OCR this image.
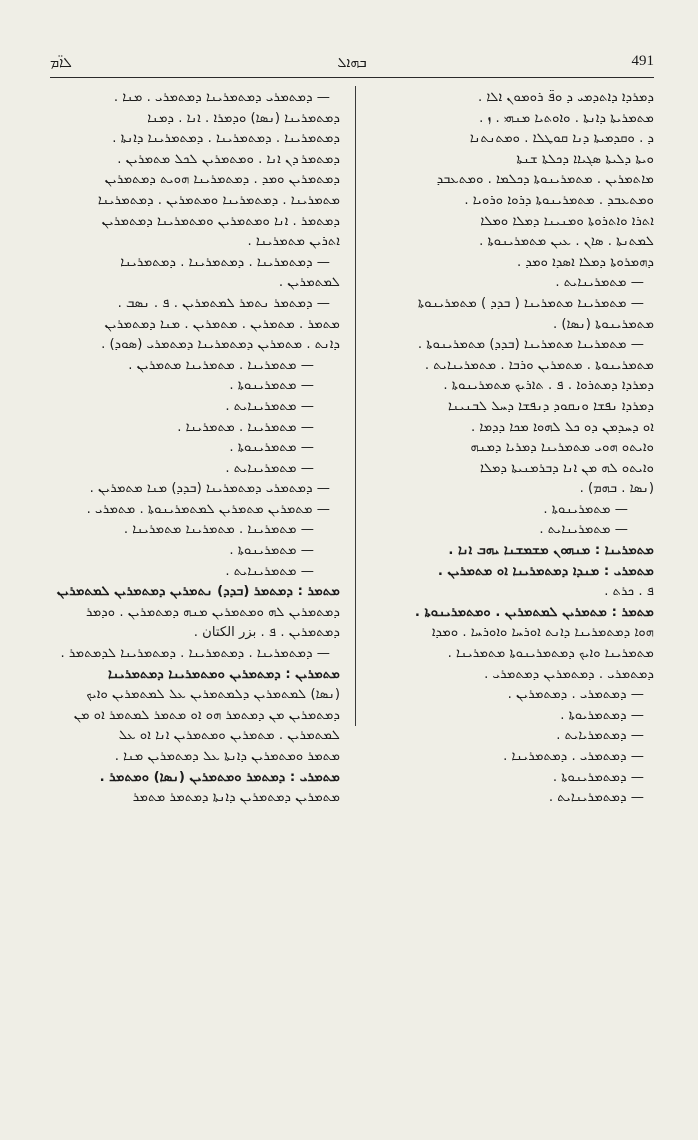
ܠܐ̈ܡ	ܒܗܐܠ	491
ܕܡܪܕܐ ܕܐܬܕܡܝ ܕ ܘܦ̈ ܪܘܡܘܢ ܐܠܐ .
ܡܬܡܪܝܬܐ ܕܐܢܬܐ . ܘܐܘܬܝܐ ܡܢܗܝ . ܙ .
ܕ . ܘܩܕܡܝܬܐ ܕܢܐ ܩܘܛܠܐ . ܘܡܬܢܬܢܐ
ܘܝܬܐ ܕܠܝܬܐ ܣܓܝܐܐ ܕܟܠܬܐ ܫܢܬܐ
ܡܐܬܡܪܝܢ . ܡܬܡܪܝܢܘܬܐ ܕܟܠܡܐ . ܘܡܬܥܒܕ
ܘܡܬܥܒܕ . ܡܬܡܪܝܢܘܬܐ ܕܪܘܐ ܘܪܘܝܐ .
ܐܬܪܐ ܘܐܬܪܘܬܐ ܘܡܢܝܢܐ ܕܡܠܐ ܘܡܠܐ
ܠܡܬܢܬܐ . ܣܐܢ . ܥܝܢ ܡܬܡܪܝܢܘܬܐ .
ܕܗܡܪܘܬܐ ܕܡܠܐ ܐܣܕܐ ܘܡܕ .
— ܡܬܡܪܝܢܐܝܬ .
— ܡܬܡܪܝܢܐ ܡܬܡܪܝܢܐ ( ܒܕܕ ) ܡܬܡܪܝܢܘܬܐ
ܡܬܡܪܝܢܘܬܐ (ܢܣܐ) .
— ܡܬܡܪܝܢܐ ܡܬܡܪܝܢܐ (ܒܕܕ) ܡܬܡܪܝܢܘܬܐ .
ܡܬܡܪܝܢܘܬܐ . ܡܬܡܪܝܢ ܘܪܒܐ . ܡܬܡܪܝܢܐܝܬ .
ܕܡܪܕܐ ܕܡܬܪܘܐ . ܦ . ܬܐܪܝܟ ܡܬܡܪܝܢܘܬܐ .
ܕܡܪܕܐ ܢܦܫܐ ܘܢܩܘܕ ܕܢܦܫܐ ܕܚܠ ܠܒܢܝܢܐ
ܐܘ ܕܚܕܡܢ ܕܘ ܟܠ ܠܗܘܐ ܡܟܐ ܕܕܡܐ .
ܘܐܝܬܘ ܗܘܝ ܡܬܡܪܝܢܐ ܕܡܪܝܐ ܕܡܢܗ
ܘܐܝܬܘ ܠܗ ܡܢ ܐܢܐ ܕܒܪܡܢܝܬܐ ܕܡܠܐ
(ܢܣܐ . ܒܗܡ) .
— ܡܬܡܪܝܢܘܬܐ .
— ܡܬܡܪܝܢܐܝܬ .
ܡܬܡܪܝܢܐ : ܡܢܗܘܢ ܡܫܡܫܢܐ ܝܗܒ ܐܢܐ .
ܡܬܡܪܝ : ܡܢܕܐ ܕܡܬܡܪܝܢܐ ܐܘ ܡܬܡܪܝܢ .
ܦ . ܟܪܬ .
ܡܬܡܪ : ܡܬܡܪܝܢ ܠܡܬܡܪܝܢ . ܘܡܬܡܪܝܢܘܬܐ .
ܗܘܐ ܕܡܬܡܪܝܢܐ ܕܐܢܬ ܐܘܪܚܐ ܘܐܘܪܚܐ . ܘܡܕܐ
ܡܬܡܪܝܢܐ ܘܐܝܟ ܕܡܬܡܪܝܢܘܬܐ ܡܬܡܪܝܢܐ .
ܕܡܬܡܪܝ . ܕܡܬܡܪܝܢ ܕܡܬܡܪܝ .
— ܕܡܬܡܪܝ . ܕܡܬܡܪܝܢ .
— ܕܡܬܡܪܝܘܬܐ .
— ܕܡܬܡܪܝܐܝܬ .
— ܕܡܬܡܪܝ . ܕܡܬܡܪܝܢܐ .
— ܕܡܬܡܪܝܢܘܬܐ .
— ܕܡܬܡܪܝܢܐܝܬ .
— ܕܡܬܡܪܝ ܕܡܬܡܪܝܢܐ ܕܡܬܡܪܝ . ܡܢܐ .
ܕܡܬܡܪܝܢܐ (ܢܣܐ) ܘܕܡܪܐ . ܐܢܐ . ܕܡܢܐ
ܕܡܬܡܪܝܢܐ . ܕܡܬܡܪܝܢܐ . ܕܡܬܡܪܝܢܐ ܕܐܢܬܐ .
ܕܡܬܡܪ ܕܢ ܐܢܐ . ܘܡܬܡܪܝܢ ܠܟܠ ܡܬܡܪܝܢ .
ܕܡܬܡܪܝܢ ܘܡܕ . ܕܡܬܡܪܝܢܐ ܗܘܝܬ ܕܡܬܡܪܝܢ
ܡܬܡܪܝܢܐ . ܕܡܬܡܪܝܢܐ ܘܡܬܡܪܝܢ . ܕܡܬܡܪܝܢܐ
ܕܡܬܡܪ . ܐܢܐ ܘܡܬܡܪܝܢ ܘܡܬܡܪܝܢܐ ܕܡܬܡܪܝܢ
ܐܬܪܝܢ ܡܬܡܪܝܢܐ .
— ܕܡܬܡܪܝܢܐ . ܕܡܬܡܪܝܢܐ . ܕܡܬܡܪܝܢܐ
ܠܡܬܡܪܝܢ .
— ܕܡܬܡܪ ܢܬܡܪ ܠܡܬܡܪܝܢ . ܦ . ܢܣܒ .
ܡܬܡܪ . ܡܬܡܪܝܢ . ܡܬܡܪܝܢ . ܡܢܐ ܕܡܬܡܪܝܢ
ܕܐܢܬ . ܡܬܡܪܝܢ ܕܡܬܡܪܝܢܐ ܕܡܬܡܪܝ (ܣܘܕ) .
— ܡܬܡܪܝܢܐ . ܡܬܡܪܝܢܐ ܡܬܡܪܝܢ .
— ܡܬܡܪܝܢܘܬܐ .
— ܡܬܡܪܝܢܐܝܬ .
— ܡܬܡܪܝܢܐ . ܡܬܡܪܝܢܐ .
— ܡܬܡܪܝܢܘܬܐ .
— ܡܬܡܪܝܢܐܝܬ .
— ܕܡܬܡܪܝ ܕܡܬܡܪܝܢܐ (ܒܕܕ) ܡܢܐ ܡܬܡܪܝܢ .
— ܡܬܡܪܝܢ ܡܬܡܪܝܢ ܠܡܬܡܪܝܢܘܬܐ . ܡܬܡܪܝ .
— ܡܬܡܪܝܢܐ . ܡܬܡܪܝܢܐ ܡܬܡܪܝܢܐ .
— ܡܬܡܪܝܢܘܬܐ .
— ܡܬܡܪܝܢܐܝܬ .
ܡܬܡܪ : ܕܡܬܡܪ (ܒܕܕ) ܢܬܡܪܝܢ ܕܡܬܡܪܝܢ ܠܡܬܡܪܝܢ
ܕܡܬܡܪܝܢ ܠܗ ܘܡܬܡܪܝܢ ܡܢܗ ܕܡܬܡܪܝܢ . ܘܕܡܪ
ܕܡܬܡܪܝܢ . ܦ . بزر الكتان .
— ܕܡܬܡܪܝܢܐ . ܕܡܬܡܪܝܢܐ . ܕܡܬܡܪܝܢܐ ܠܕܡܬܡܪ .
ܡܬܡܪܝܢ : ܕܡܬܡܪܝܢ ܘܡܬܡܪܝܢܐ ܕܡܬܡܪܝܢܐ
(ܢܣܐ) ܠܡܬܡܪܝܢ ܕܠܡܬܡܪܝܢ ܥܠ ܠܡܬܡܪܝܢ ܘܐܝܟ
ܕܡܬܡܪܝܢ ܡܢ ܕܡܬܡܪ ܗܘ ܐܘ ܡܬܡܪ ܠܡܬܡܪ ܐܘ ܡܢ
ܠܡܬܡܪܝܢ . ܡܬܡܪܝܢ ܘܡܬܡܪܝܢ ܐܢܐ ܐܘ ܥܠ
ܡܬܡܪ ܘܡܬܡܪܝܢ ܕܐܢܬܐ ܥܠ ܕܡܬܡܪܝܢ ܡܢܐ .
ܡܬܡܪܝ : ܕܡܬܡܪ ܘܡܬܡܪܝܢ (ܢܣܐ) ܘܡܬܡܪ .
ܡܬܡܪܝܢ ܕܡܬܡܪܝܢ ܕܐܢܬܐ ܕܡܬܡܪ ܡܬܡܪ
